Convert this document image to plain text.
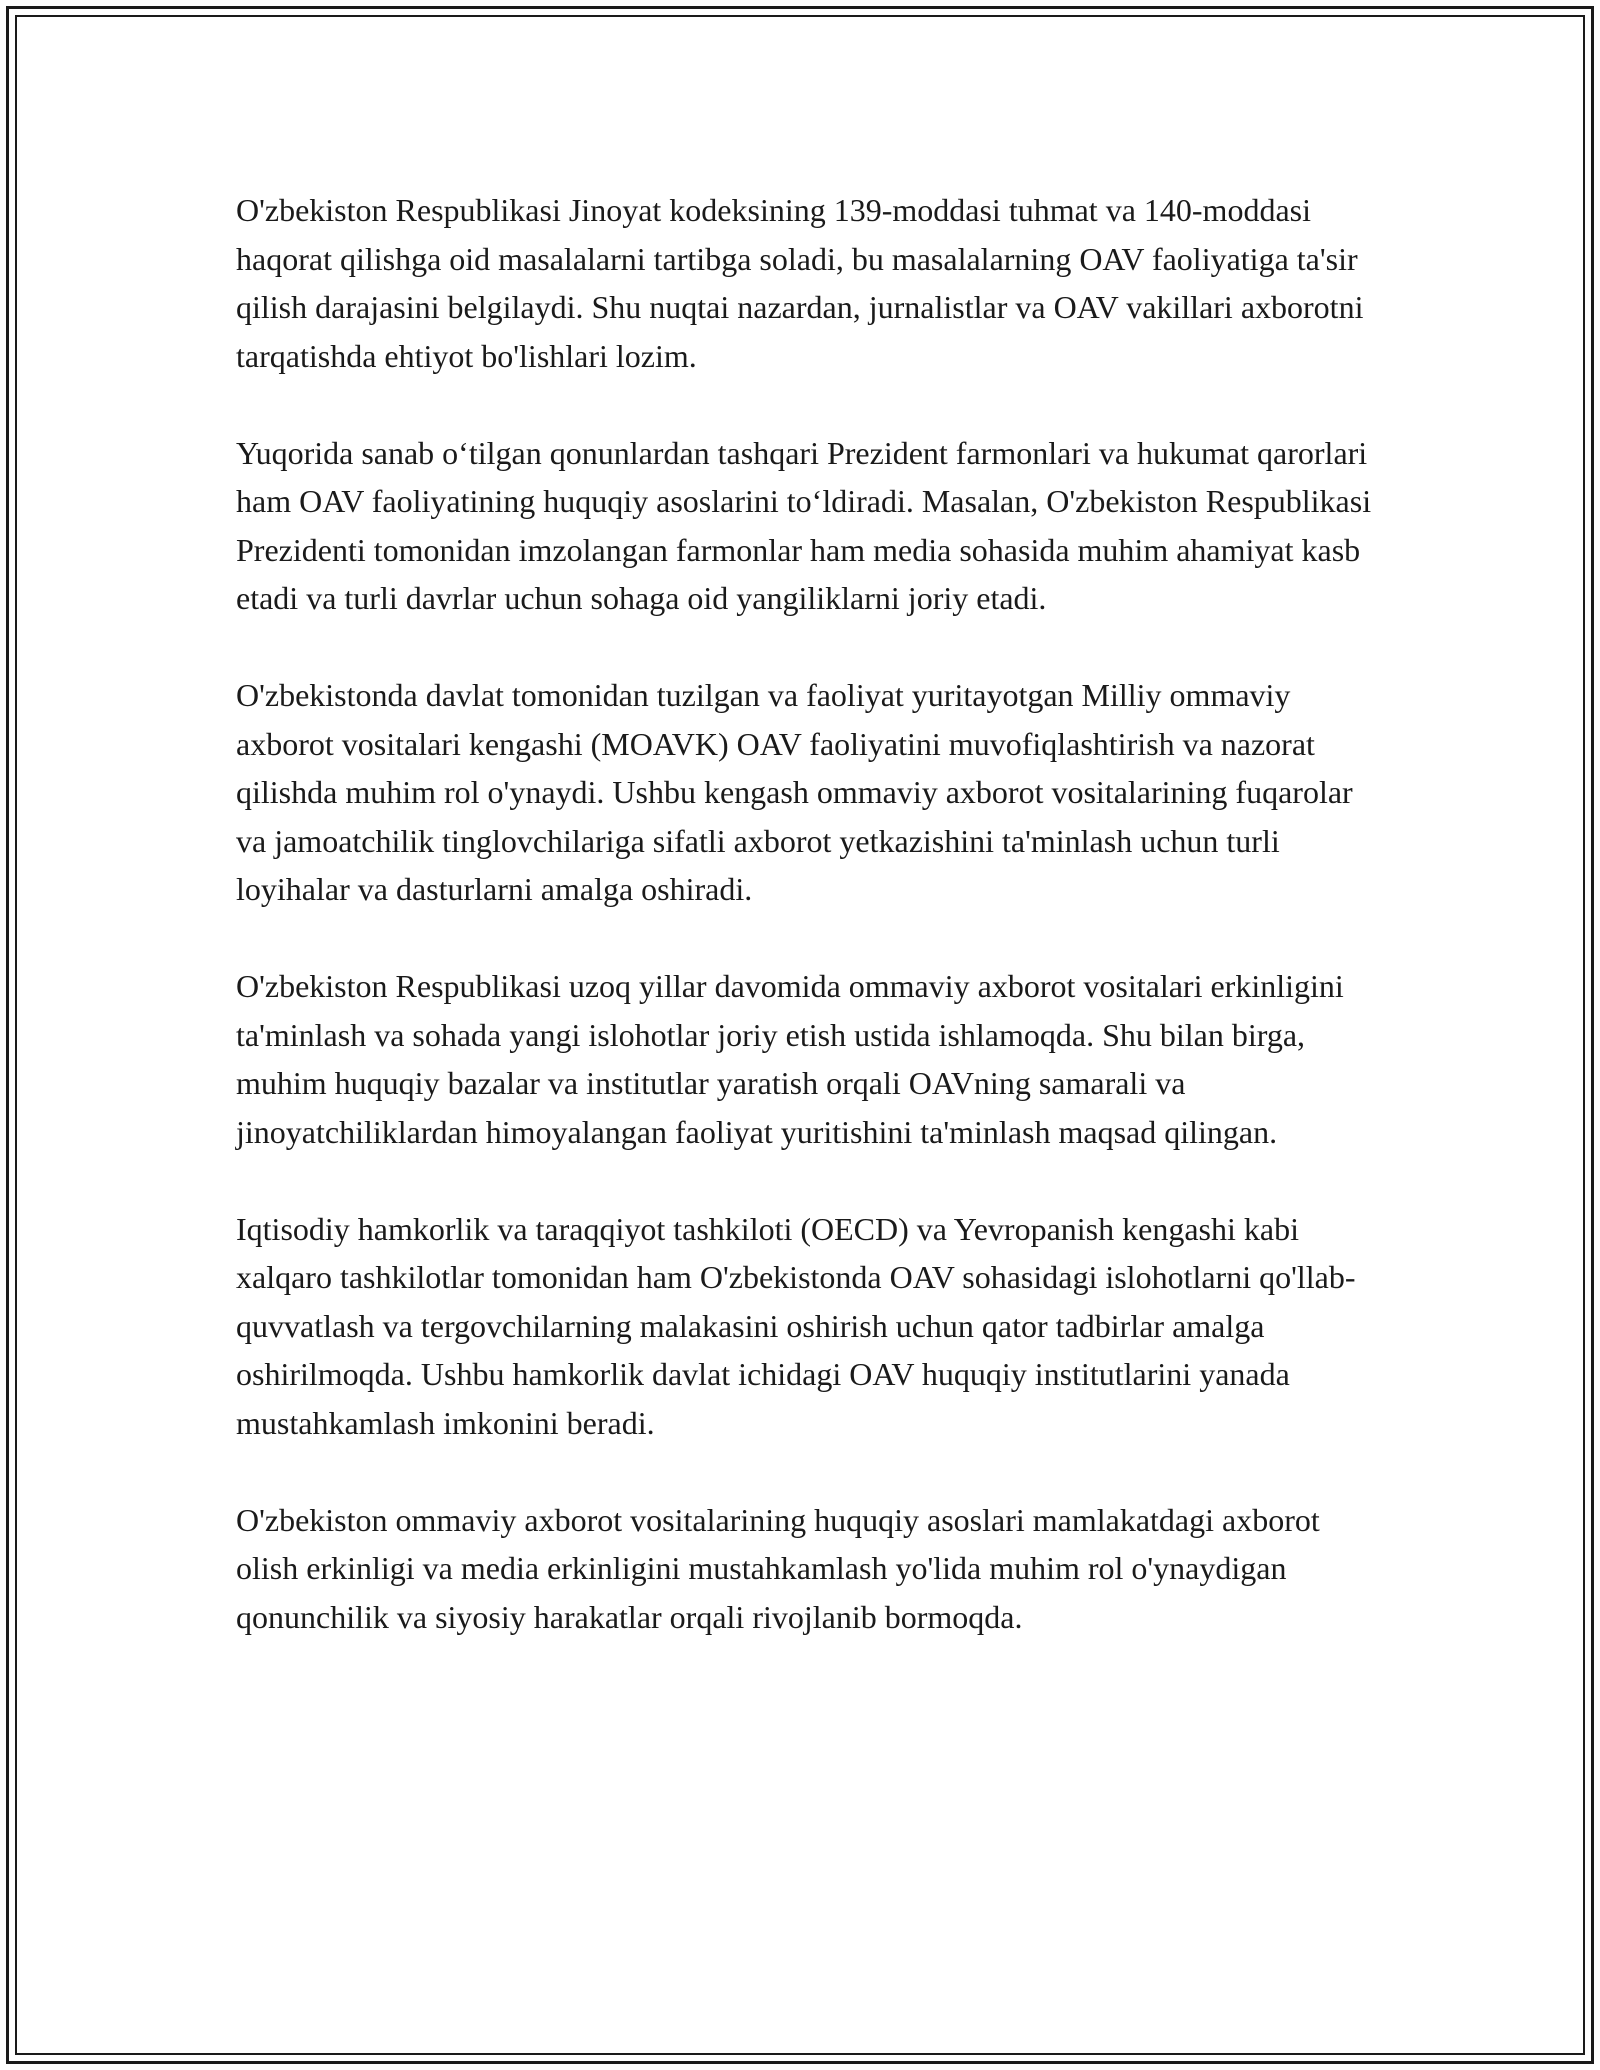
O'zbekiston Respublikasi Jinoyat kodeksining 139-moddasi tuhmat va 140-moddasi haqorat qilishga oid masalalarni tartibga soladi, bu masalalarning OAV faoliyatiga ta'sir qilish darajasini belgilaydi. Shu nuqtai nazardan, jurnalistlar va OAV vakillari axborotni tarqatishda ehtiyot bo'lishlari lozim.

Yuqorida sanab o‘tilgan qonunlardan tashqari Prezident farmonlari va hukumat qarorlari ham OAV faoliyatining huquqiy asoslarini to‘ldiradi. Masalan, O'zbekiston Respublikasi Prezidenti tomonidan imzolangan farmonlar ham media sohasida muhim ahamiyat kasb etadi va turli davrlar uchun sohaga oid yangiliklarni joriy etadi.

O'zbekistonda davlat tomonidan tuzilgan va faoliyat yuritayotgan Milliy ommaviy axborot vositalari kengashi (MOAVK) OAV faoliyatini muvofiqlashtirish va nazorat qilishda muhim rol o'ynaydi. Ushbu kengash ommaviy axborot vositalarining fuqarolar va jamoatchilik tinglovchilariga sifatli axborot yetkazishini ta'minlash uchun turli loyihalar va dasturlarni amalga oshiradi.

O'zbekiston Respublikasi uzoq yillar davomida ommaviy axborot vositalari erkinligini ta'minlash va sohada yangi islohotlar joriy etish ustida ishlamoqda. Shu bilan birga, muhim huquqiy bazalar va institutlar yaratish orqali OAVning samarali va jinoyatchiliklardan himoyalangan faoliyat yuritishini ta'minlash maqsad qilingan.

Iqtisodiy hamkorlik va taraqqiyot tashkiloti (OECD) va Yevropanish kengashi kabi xalqaro tashkilotlar tomonidan ham O'zbekistonda OAV sohasidagi islohotlarni qo'llab-quvvatlash va tergovchilarning malakasini oshirish uchun qator tadbirlar amalga oshirilmoqda. Ushbu hamkorlik davlat ichidagi OAV huquqiy institutlarini yanada mustahkamlash imkonini beradi.

O'zbekiston ommaviy axborot vositalarining huquqiy asoslari mamlakatdagi axborot olish erkinligi va media erkinligini mustahkamlash yo'lida muhim rol o'ynaydigan qonunchilik va siyosiy harakatlar orqali rivojlanib bormoqda.
